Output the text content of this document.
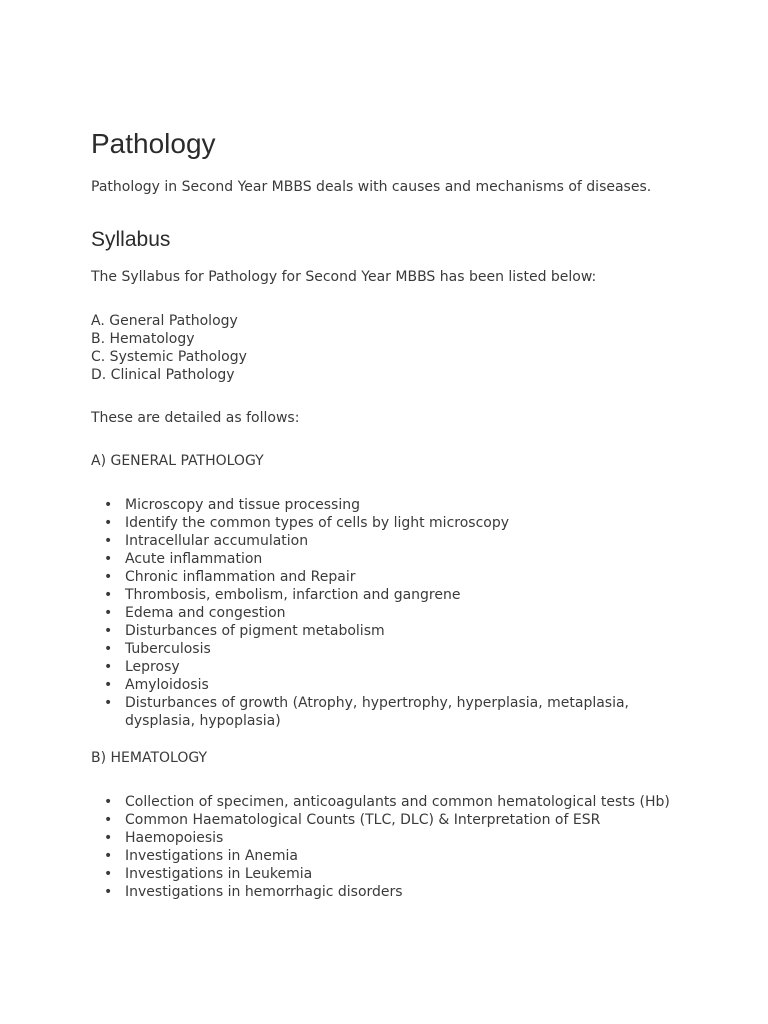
Pathology

Pathology in Second Year MBBS deals with causes and mechanisms of diseases.

Syllabus

The Syllabus for Pathology for Second Year MBBS has been listed below:

A. General Pathology
B. Hematology
C. Systemic Pathology
D. Clinical Pathology

These are detailed as follows:

A) GENERAL PATHOLOGY

• Microscopy and tissue processing
• Identify the common types of cells by light microscopy
• Intracellular accumulation
• Acute inflammation
• Chronic inflammation and Repair
• Thrombosis, embolism, infarction and gangrene
• Edema and congestion
• Disturbances of pigment metabolism
• Tuberculosis
• Leprosy
• Amyloidosis
• Disturbances of growth (Atrophy, hypertrophy, hyperplasia, metaplasia, dysplasia, hypoplasia)

B) HEMATOLOGY

• Collection of specimen, anticoagulants and common hematological tests (Hb)
• Common Haematological Counts (TLC, DLC) & Interpretation of ESR
• Haemopoiesis
• Investigations in Anemia
• Investigations in Leukemia
• Investigations in hemorrhagic disorders
